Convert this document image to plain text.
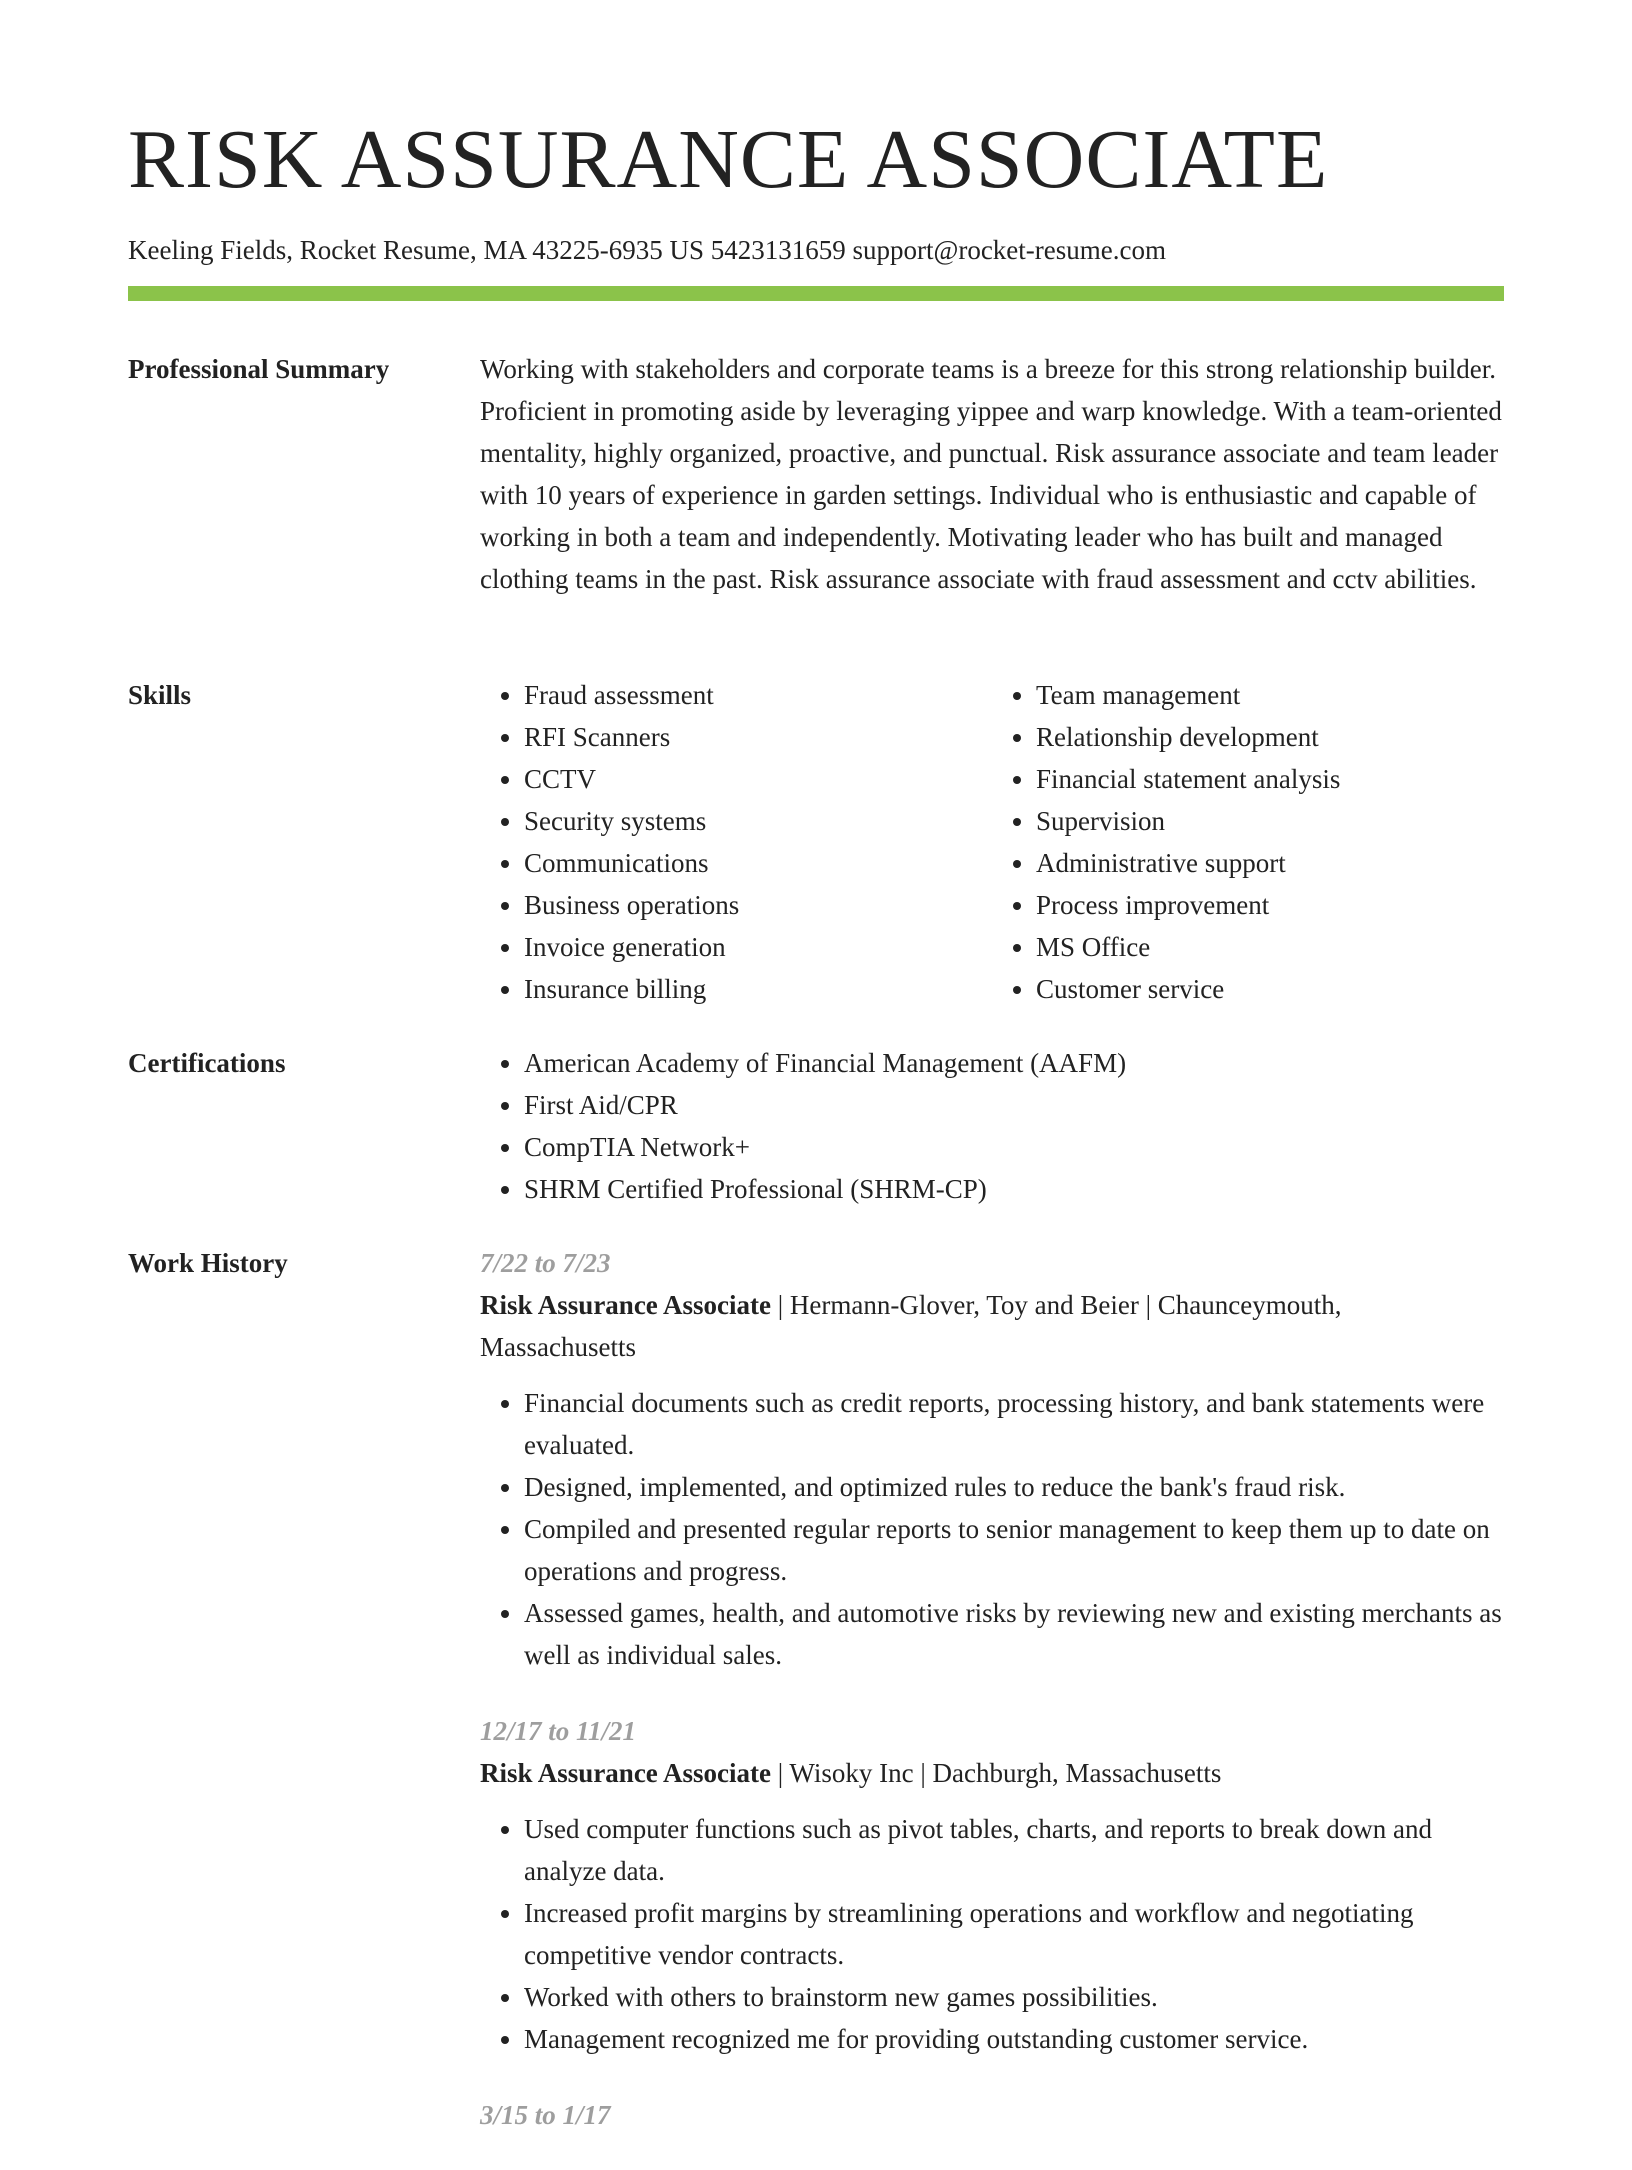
RISK ASSURANCE ASSOCIATE
Keeling Fields, Rocket Resume, MA 43225-6935 US 5423131659 support@rocket-resume.com
Professional Summary	Working with stakeholders and corporate teams is a breeze for this strong relationship builder. Proficient in promoting aside by leveraging yippee and warp knowledge. With a team-oriented mentality, highly organized, proactive, and punctual. Risk assurance associate and team leader with 10 years of experience in garden settings. Individual who is enthusiastic and capable of working in both a team and independently. Motivating leader who has built and managed clothing teams in the past. Risk assurance associate with fraud assessment and cctv abilities.

Skills	• Fraud assessment
• RFI Scanners
• CCTV
• Security systems
• Communications
• Business operations
• Invoice generation
• Insurance billing
• Team management
• Relationship development
• Financial statement analysis
• Supervision
• Administrative support
• Process improvement
• MS Office
• Customer service
Certifications	• American Academy of Financial Management (AAFM)
• First Aid/CPR
• CompTIA Network+
• SHRM Certified Professional (SHRM-CP)
Work History	7/22 to 7/23
Risk Assurance Associate | Hermann-Glover, Toy and Beier | Chaunceymouth, Massachusetts
• Financial documents such as credit reports, processing history, and bank statements were evaluated.
• Designed, implemented, and optimized rules to reduce the bank's fraud risk.
• Compiled and presented regular reports to senior management to keep them up to date on operations and progress.
• Assessed games, health, and automotive risks by reviewing new and existing merchants as well as individual sales.
12/17 to 11/21
Risk Assurance Associate | Wisoky Inc | Dachburgh, Massachusetts
• Used computer functions such as pivot tables, charts, and reports to break down and analyze data.
• Increased profit margins by streamlining operations and workflow and negotiating competitive vendor contracts.
• Worked with others to brainstorm new games possibilities.
• Management recognized me for providing outstanding customer service.
3/15 to 1/17
